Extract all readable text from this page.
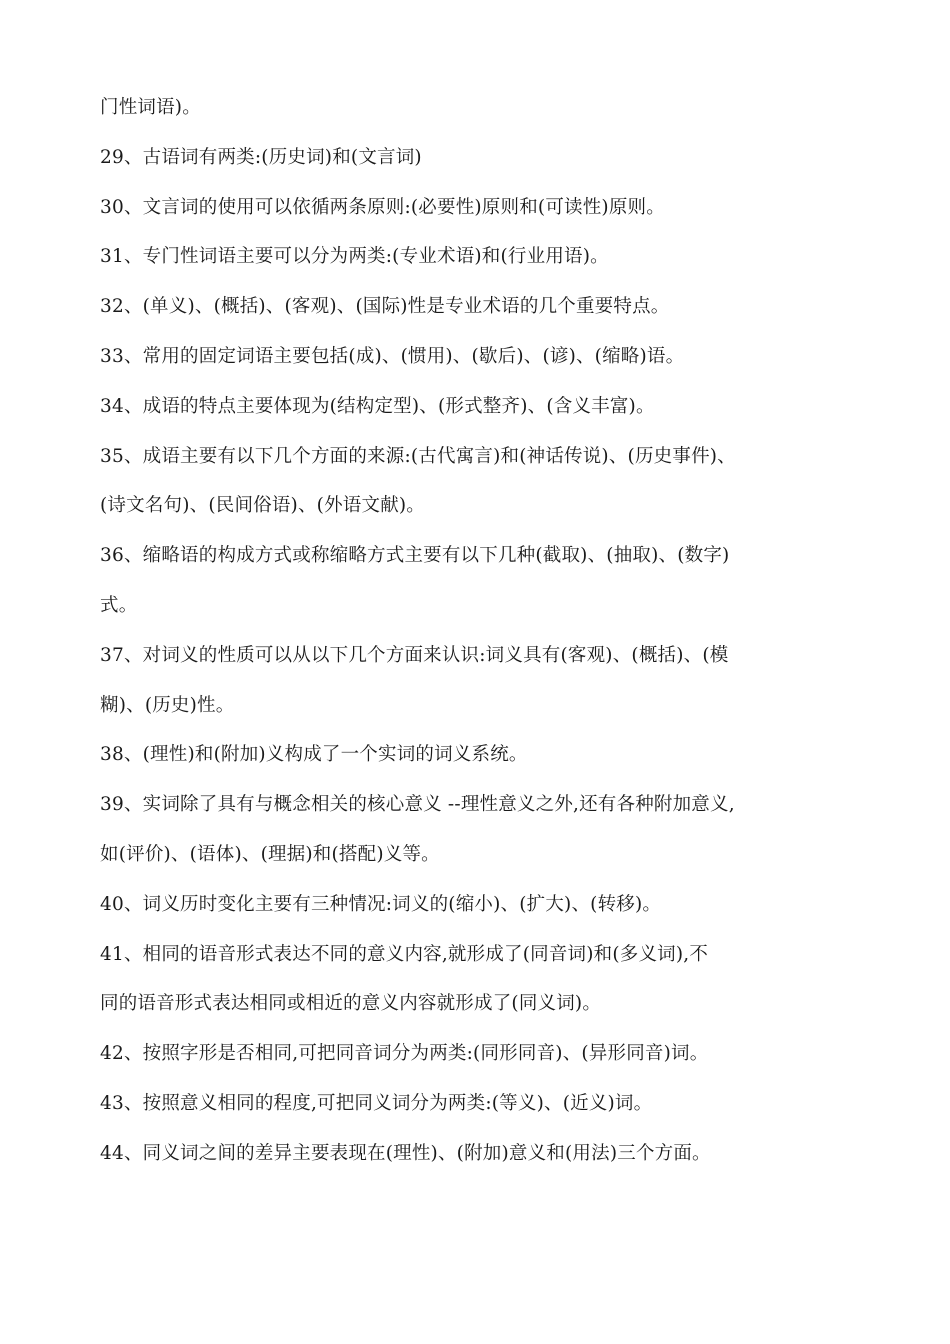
门性词语)。
29、古语词有两类:(历史词)和(文言词)
30、文言词的使用可以依循两条原则:(必要性)原则和(可读性)原则。
31、专门性词语主要可以分为两类:(专业术语)和(行业用语)。
32、(单义)、(概括)、(客观)、(国际)性是专业术语的几个重要特点。
33、常用的固定词语主要包括(成)、(惯用)、(歇后)、(谚)、(缩略)语。
34、成语的特点主要体现为(结构定型)、(形式整齐)、(含义丰富)。
35、成语主要有以下几个方面的来源:(古代寓言)和(神话传说)、(历史事件)、
(诗文名句)、(民间俗语)、(外语文献)。
36、缩略语的构成方式或称缩略方式主要有以下几种(截取)、(抽取)、(数字)
式。
37、对词义的性质可以从以下几个方面来认识:词义具有(客观)、(概括)、(模
糊)、(历史)性。
38、(理性)和(附加)义构成了一个实词的词义系统。
39、实词除了具有与概念相关的核心意义 --理性意义之外,还有各种附加意义,
如(评价)、(语体)、(理据)和(搭配)义等。
40、词义历时变化主要有三种情况:词义的(缩小)、(扩大)、(转移)。
41、相同的语音形式表达不同的意义内容,就形成了(同音词)和(多义词),不
同的语音形式表达相同或相近的意义内容就形成了(同义词)。
42、按照字形是否相同,可把同音词分为两类:(同形同音)、(异形同音)词。
43、按照意义相同的程度,可把同义词分为两类:(等义)、(近义)词。
44、同义词之间的差异主要表现在(理性)、(附加)意义和(用法)三个方面。
